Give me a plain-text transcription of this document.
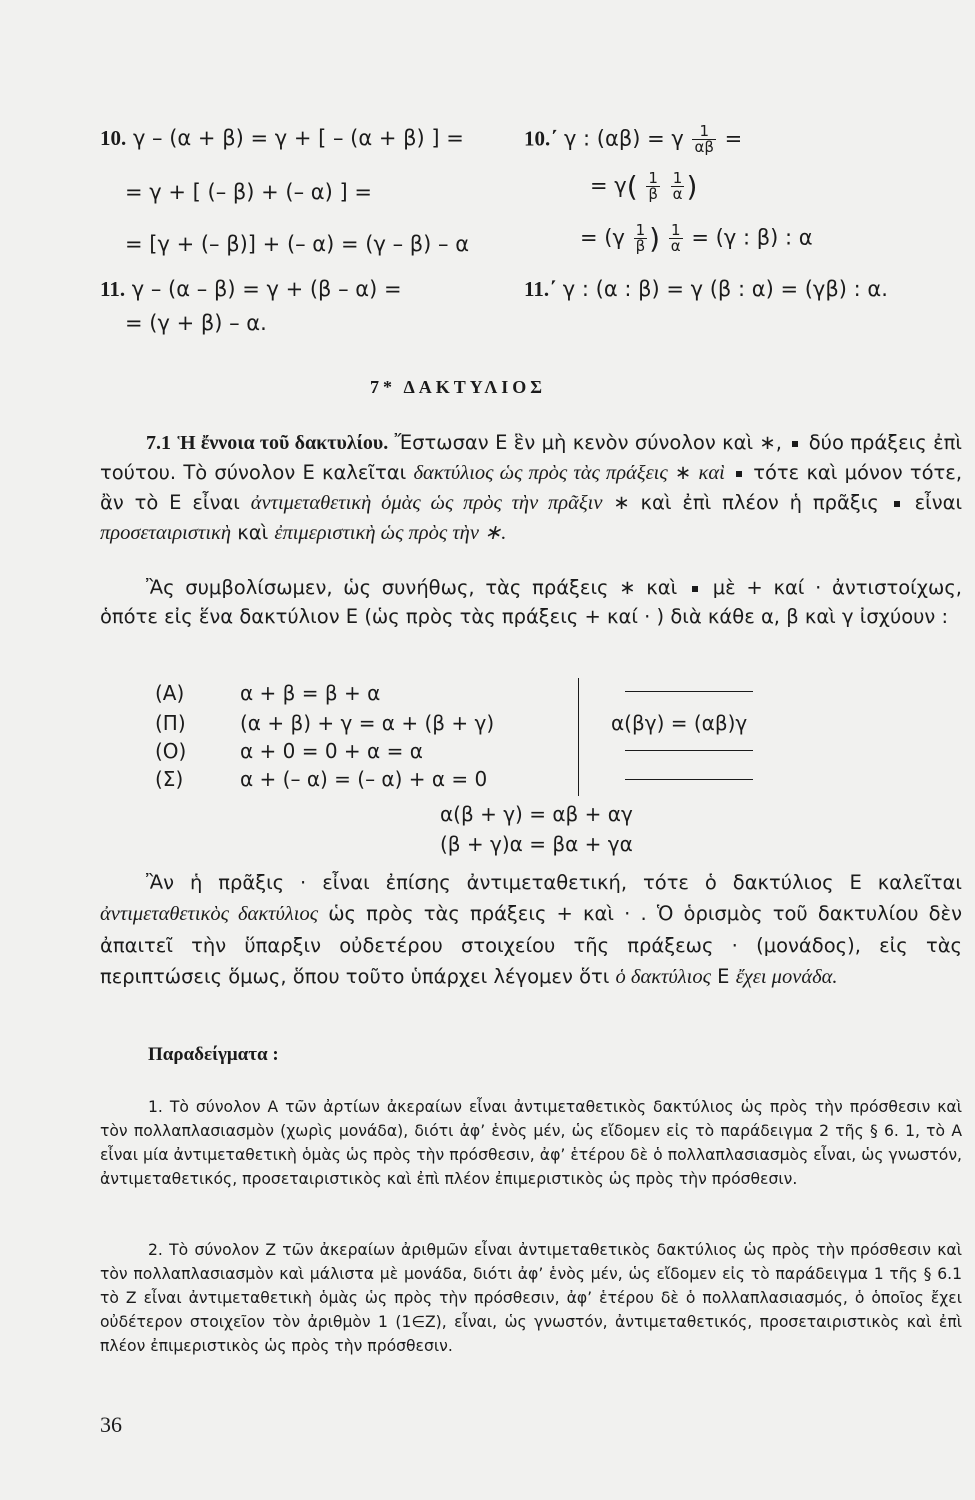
10. γ – (α + β) = γ + [ – (α + β) ] =
= γ + [ (– β) + (– α) ] =
= [γ + (– β)] + (– α) = (γ – β) – α
11. γ – (α – β) = γ + (β – α) =
= (γ + β) – α.
10.΄ γ : (αβ) = γ $\frac{1}{\alpha\beta}$ =
= $\gamma( \frac{1}{\beta}$
$\frac{1}{\alpha}$ )
= ($\gamma \frac{1}{\beta}$ ) $\frac{1}{\alpha} = (\gamma$ : β) : α
11.΄ γ : (α : β) = γ (β : α) = (γβ) : α.
7* ΔΑΚΤΥΛΙΟΣ
7.1 Ἡ ἔννοια τοῦ δακτυλίου. Ἔστωσαν Ε ἓν μὴ κενὸν σύνολον καὶ ∗, δύο πράξεις ἐπὶ τούτου. Τὸ σύνολον Ε καλεῖται δακτύλιος ὡς πρὸς τὰς πράξεις ∗ καὶ τότε καὶ μόνον τότε, ἂν τὸ Ε εἶναι ἀντιμεταθετικὴ ὁμὰς ὡς πρὸς τὴν πρᾶξιν ∗ καὶ ἐπὶ πλέον ἡ πρᾶξις εἶναι προσεταιριστικὴ καὶ ἐπιμεριστικὴ ὡς πρὸς τὴν ∗.
Ἂς συμβολίσωμεν, ὡς συνήθως, τὰς πράξεις ∗ καὶ μὲ + καί · ἀντιστοίχως, ὁπότε εἰς ἕνα δακτύλιον Ε (ὡς πρὸς τὰς πράξεις + καί · ) διὰ κάθε α, β καὶ γ ἰσχύουν :
(Α)	α + β = β + α
(Π)	(α + β) + γ = α + (β + γ)	α(βγ) = (αβ)γ
(Ο)	α + 0 = 0 + α = α
(Σ)	α + (– α) = (– α) + α = 0
α(β + γ) = αβ + αγ
(β + γ)α = βα + γα
Ἂν ἡ πρᾶξις · εἶναι ἐπίσης ἀντιμεταθετική, τότε ὁ δακτύλιος Ε καλεῖται ἀντιμεταθετικὸς δακτύλιος ὡς πρὸς τὰς πράξεις + καὶ · . Ὁ ὁρισμὸς τοῦ δακτυλίου δὲν ἀπαιτεῖ τὴν ὕπαρξιν οὐδετέρου στοιχείου τῆς πράξεως · (μονάδος), εἰς τὰς περιπτώσεις ὅμως, ὅπου τοῦτο ὑπάρχει λέγομεν ὅτι ὁ δακτύλιος Ε ἔχει μονάδα.
Παραδείγματα :
1. Τὸ σύνολον Α τῶν ἀρτίων ἀκεραίων εἶναι ἀντιμεταθετικὸς δακτύλιος ὡς πρὸς τὴν πρόσθεσιν καὶ τὸν πολλαπλασιασμὸν (χωρὶς μονάδα), διότι ἀφ’ ἑνὸς μέν, ὡς εἴδομεν εἰς τὸ παράδειγμα 2 τῆς § 6. 1, τὸ Α εἶναι μία ἀντιμεταθετικὴ ὁμὰς ὡς πρὸς τὴν πρόσθεσιν, ἀφ’ ἑτέρου δὲ ὁ πολλαπλασιασμὸς εἶναι, ὡς γνωστόν, ἀντιμεταθετικός, προσεταιριστικὸς καὶ ἐπὶ πλέον ἐπιμεριστικὸς ὡς πρὸς τὴν πρόσθεσιν.
2. Τὸ σύνολον Ζ τῶν ἀκεραίων ἀριθμῶν εἶναι ἀντιμεταθετικὸς δακτύλιος ὡς πρὸς τὴν πρόσθεσιν καὶ τὸν πολλαπλασιασμὸν καὶ μάλιστα μὲ μονάδα, διότι ἀφ’ ἑνὸς μέν, ὡς εἴδομεν εἰς τὸ παράδειγμα 1 τῆς § 6.1 τὸ Ζ εἶναι ἀντιμεταθετικὴ ὁμὰς ὡς πρὸς τὴν πρόσθεσιν, ἀφ’ ἑτέρου δὲ ὁ πολλαπλασιασμός, ὁ ὁποῖος ἔχει οὐδέτερον στοιχεῖον τὸν ἀριθμὸν 1 (1∈Ζ), εἶναι, ὡς γνωστόν, ἀντιμεταθετικός, προσεταιριστικὸς καὶ ἐπὶ πλέον ἐπιμεριστικὸς ὡς πρὸς τὴν πρόσθεσιν.
36
